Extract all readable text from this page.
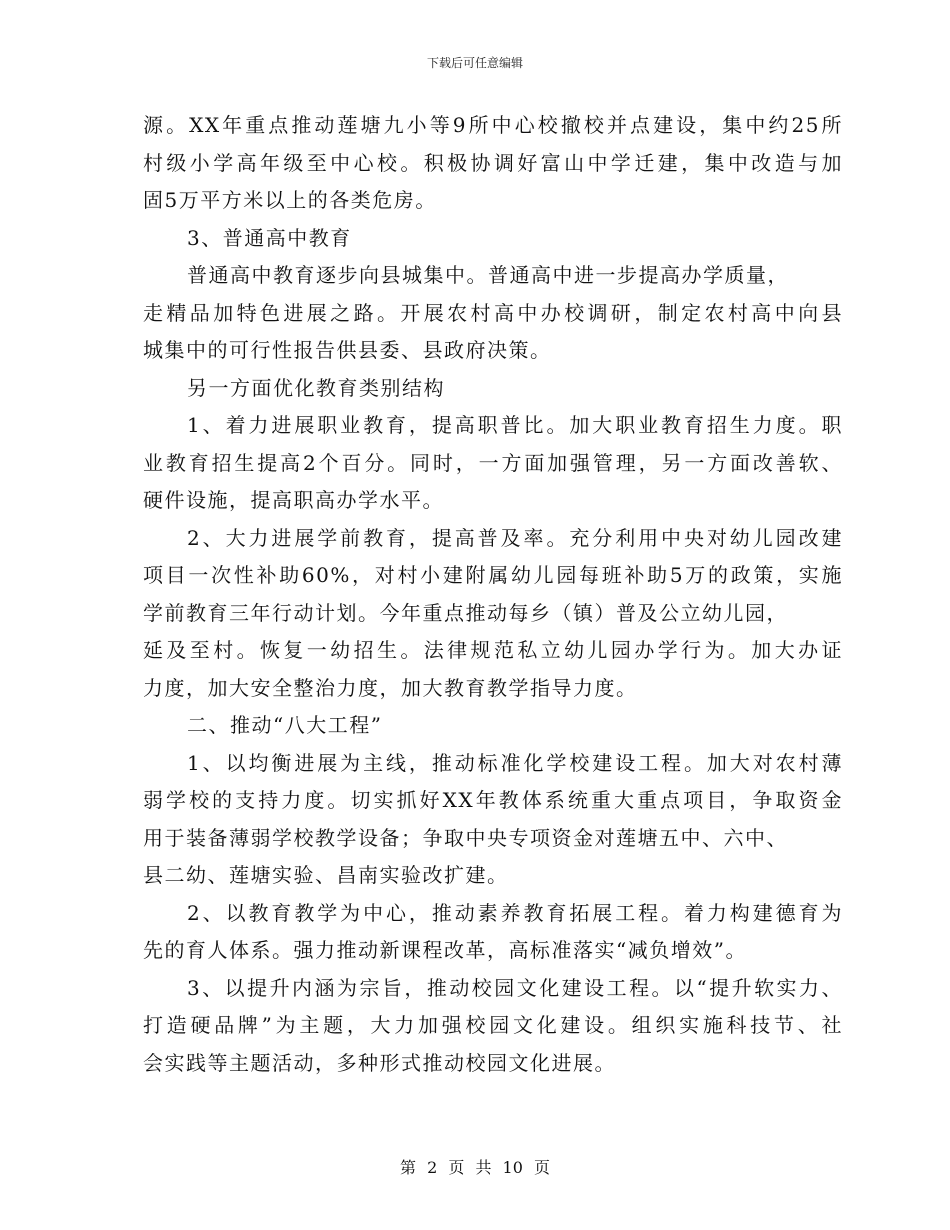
下载后可任意编辑
源。XX年重点推动莲塘九小等9所中心校撤校并点建设，集中约25所
村级小学高年级至中心校。积极协调好富山中学迁建，集中改造与加
固5万平方米以上的各类危房。
3、普通高中教育
普通高中教育逐步向县城集中。普通高中进一步提高办学质量，
走精品加特色进展之路。开展农村高中办校调研，制定农村高中向县
城集中的可行性报告供县委、县政府决策。
另一方面优化教育类别结构
1、着力进展职业教育，提高职普比。加大职业教育招生力度。职
业教育招生提高2个百分。同时，一方面加强管理，另一方面改善软、
硬件设施，提高职高办学水平。
2、大力进展学前教育，提高普及率。充分利用中央对幼儿园改建
项目一次性补助60%，对村小建附属幼儿园每班补助5万的政策，实施
学前教育三年行动计划。今年重点推动每乡（镇）普及公立幼儿园，
延及至村。恢复一幼招生。法律规范私立幼儿园办学行为。加大办证
力度，加大安全整治力度，加大教育教学指导力度。
二、推动“八大工程”
1、以均衡进展为主线，推动标准化学校建设工程。加大对农村薄
弱学校的支持力度。切实抓好XX年教体系统重大重点项目，争取资金
用于装备薄弱学校教学设备；争取中央专项资金对莲塘五中、六中、
县二幼、莲塘实验、昌南实验改扩建。
2、以教育教学为中心，推动素养教育拓展工程。着力构建德育为
先的育人体系。强力推动新课程改革，高标准落实“减负增效”。
3、以提升内涵为宗旨，推动校园文化建设工程。以“提升软实力、
打造硬品牌”为主题，大力加强校园文化建设。组织实施科技节、社
会实践等主题活动，多种形式推动校园文化进展。
第 2 页 共 10 页
